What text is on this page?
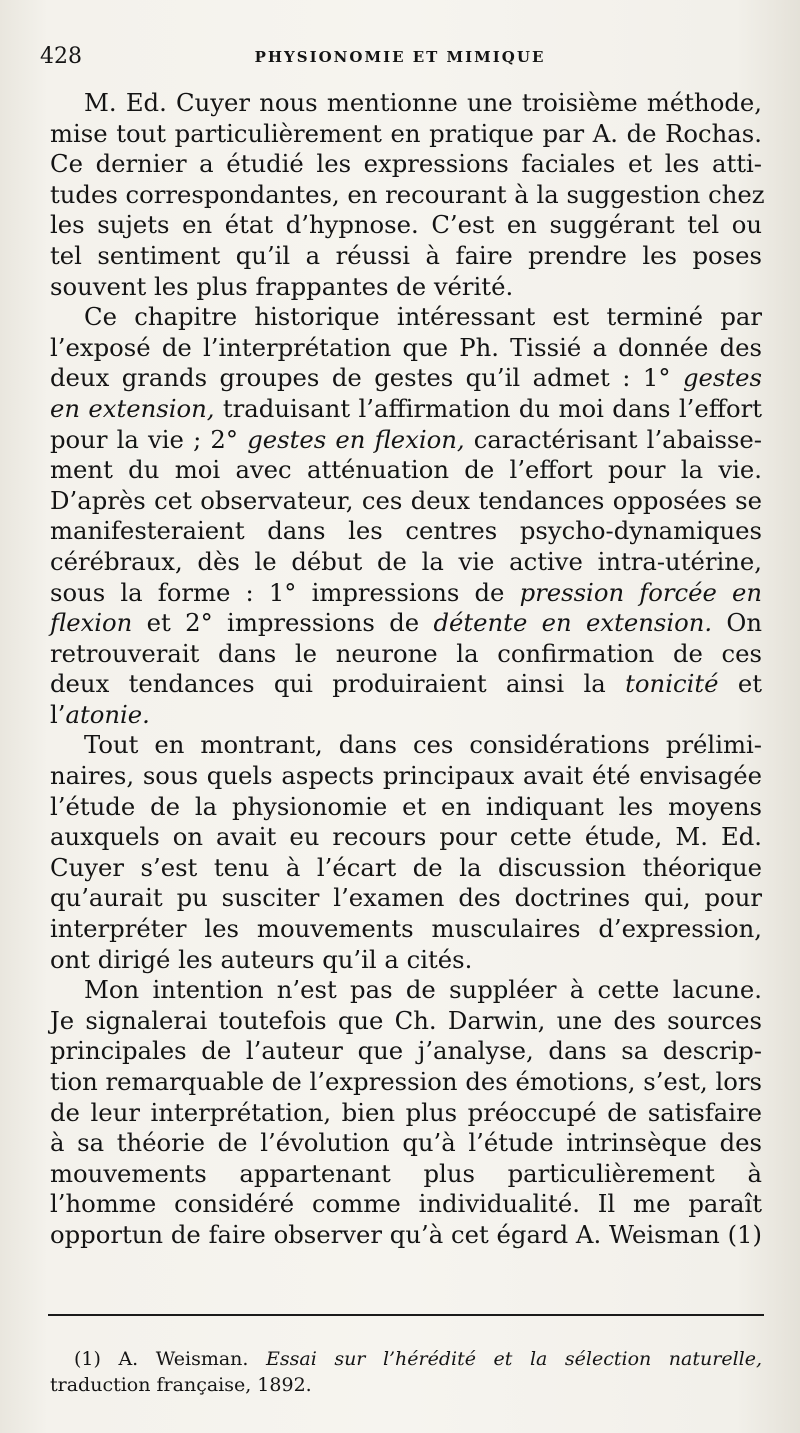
428	PHYSIONOMIE ET MIMIQUE
M. Ed. Cuyer nous mentionne une troisième méthode,
mise tout particulièrement en pratique par A. de Rochas.
Ce dernier a étudié les expressions faciales et les atti-
tudes correspondantes, en recourant à la suggestion chez
les sujets en état d’hypnose. C’est en suggérant tel ou
tel sentiment qu’il a réussi à faire prendre les poses
souvent les plus frappantes de vérité.
Ce chapitre historique intéressant est terminé par
l’exposé de l’interprétation que Ph. Tissié a donnée des
deux grands groupes de gestes qu’il admet : 1° gestes
en extension, traduisant l’affirmation du moi dans l’effort
pour la vie ; 2° gestes en flexion, caractérisant l’abaisse-
ment du moi avec atténuation de l’effort pour la vie.
D’après cet observateur, ces deux tendances opposées se
manifesteraient dans les centres psycho-dynamiques
cérébraux, dès le début de la vie active intra-utérine,
sous la forme : 1° impressions de pression forcée en
flexion et 2° impressions de détente en extension. On
retrouverait dans le neurone la confirmation de ces
deux tendances qui produiraient ainsi la tonicité et
l’atonie.
Tout en montrant, dans ces considérations prélimi-
naires, sous quels aspects principaux avait été envisagée
l’étude de la physionomie et en indiquant les moyens
auxquels on avait eu recours pour cette étude, M. Ed.
Cuyer s’est tenu à l’écart de la discussion théorique
qu’aurait pu susciter l’examen des doctrines qui, pour
interpréter les mouvements musculaires d’expression,
ont dirigé les auteurs qu’il a cités.
Mon intention n’est pas de suppléer à cette lacune.
Je signalerai toutefois que Ch. Darwin, une des sources
principales de l’auteur que j’analyse, dans sa descrip-
tion remarquable de l’expression des émotions, s’est, lors
de leur interprétation, bien plus préoccupé de satisfaire
à sa théorie de l’évolution qu’à l’étude intrinsèque des
mouvements appartenant plus particulièrement à
l’homme considéré comme individualité. Il me paraît
opportun de faire observer qu’à cet égard A. Weisman (1)
(1) A. Weisman. Essai sur l’hérédité et la sélection naturelle,
traduction française, 1892.
